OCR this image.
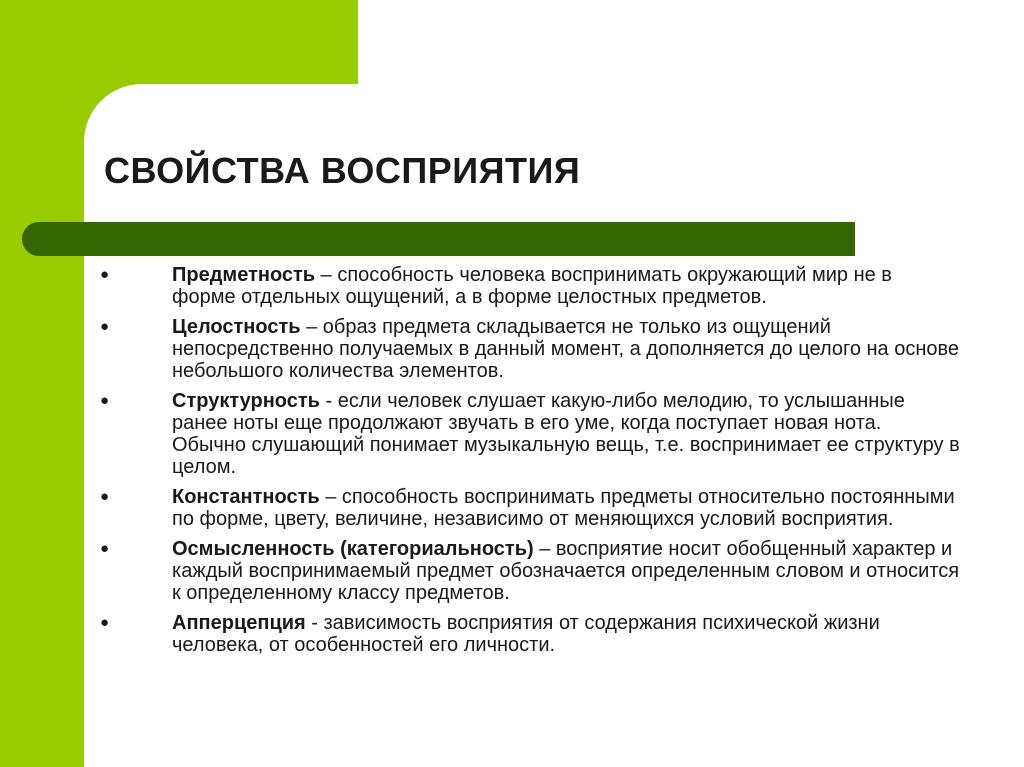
СВОЙСТВА ВОСПРИЯТИЯ
●	Предметность – способность человека воспринимать окружающий мир не в форме отдельных ощущений, а в форме целостных предметов.
●	Целостность – образ предмета складывается не только из ощущений непосредственно получаемых в данный момент, а дополняется до целого на основе небольшого количества элементов.
●	Структурность - если человек слушает какую-либо мелодию, то услышанные ранее ноты еще продолжают звучать в его уме, когда поступает новая нота. Обычно слушающий понимает музыкальную вещь, т.е. воспринимает ее структуру в целом.
●	Константность – способность воспринимать предметы относительно постоянными по форме, цвету, величине, независимо от меняющихся условий восприятия.
●	Осмысленность (категориальность) – восприятие носит обобщенный характер и каждый воспринимаемый предмет обозначается определенным словом и относится к определенному классу предметов.
●	Апперцепция - зависимость восприятия от содержания психической жизни человека, от особенностей его личности.
